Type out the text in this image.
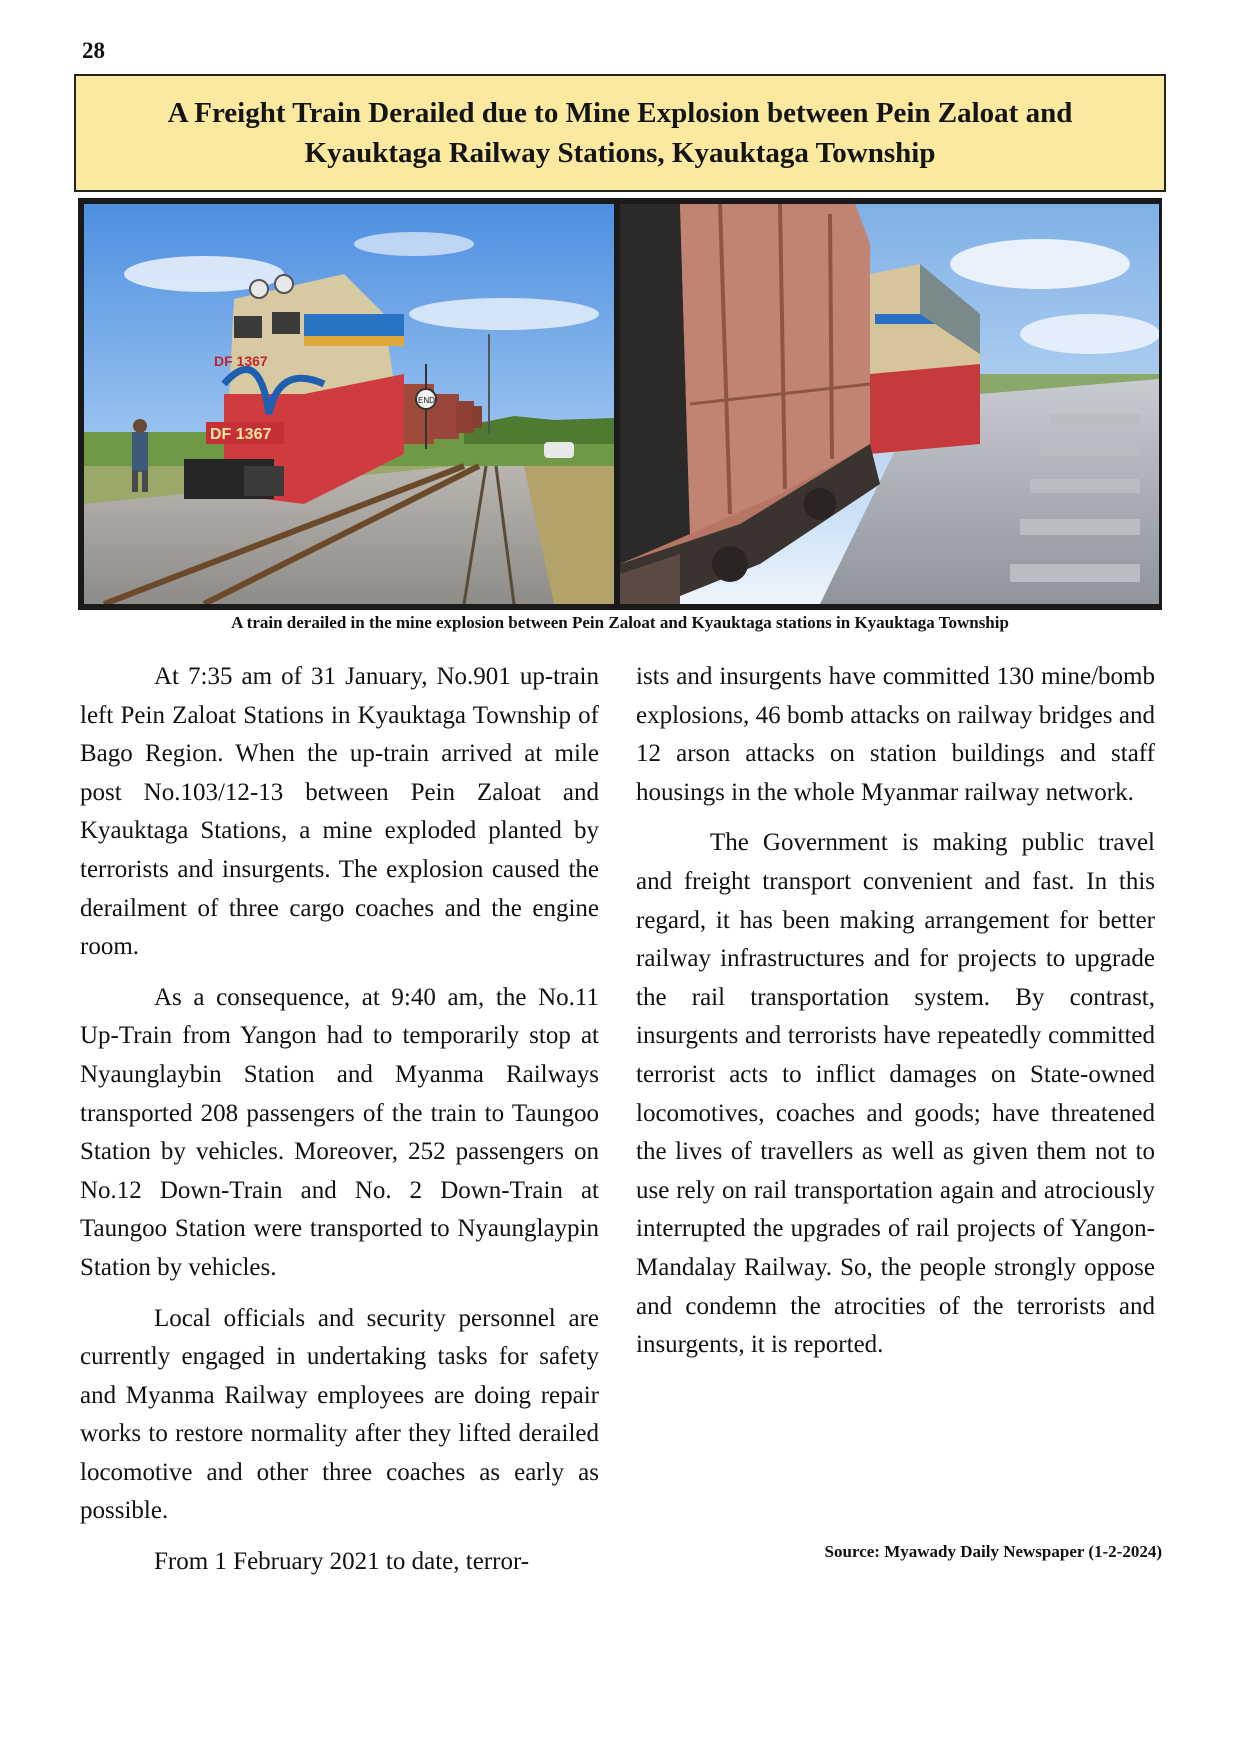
28
A Freight Train Derailed due to Mine Explosion between Pein Zaloat and
Kyauktaga Railway Stations, Kyauktaga Township
DF 1367
DF 1367
END
A train derailed in the mine explosion between Pein Zaloat and Kyauktaga stations in Kyauktaga Township

At 7:35 am of 31 January, No.901 up-train left Pein Zaloat Stations in Kyauktaga Township of Bago Region. When the up-train arrived at mile post No.103/12-13 between Pein Zaloat and Kyauktaga Stations, a mine exploded planted by terrorists and insurgents. The explosion caused the derailment of three cargo coaches and the engine room.

As a consequence, at 9:40 am, the No.11 Up-Train from Yangon had to temporarily stop at Nyaunglaybin Station and Myanma Railways transported 208 passengers of the train to Taungoo Station by vehicles. Moreover, 252 passengers on No.12 Down-Train and No. 2 Down-Train at Taungoo Station were transported to Nyaunglaypin Station by vehicles.

Local officials and security personnel are currently engaged in undertaking tasks for safety and Myanma Railway employees are doing repair works to restore normality after they lifted derailed locomotive and other three coaches as early as possible.

From 1 February 2021 to date, terror-

ists and insurgents have committed 130 mine/bomb explosions, 46 bomb attacks on railway bridges and 12 arson attacks on station buildings and staff housings in the whole Myanmar railway network.

The Government is making public travel and freight transport convenient and fast. In this regard, it has been making arrangement for better railway infrastructures and for projects to upgrade the rail transportation system. By contrast, insurgents and terrorists have repeatedly committed terrorist acts to inflict damages on State-owned locomotives, coaches and goods; have threatened the lives of travellers as well as given them not to use rely on rail transportation again and atrociously interrupted the upgrades of rail projects of Yangon-Mandalay Railway. So, the people strongly oppose and condemn the atrocities of the terrorists and insurgents, it is reported.

Source: Myawady Daily Newspaper (1-2-2024)
